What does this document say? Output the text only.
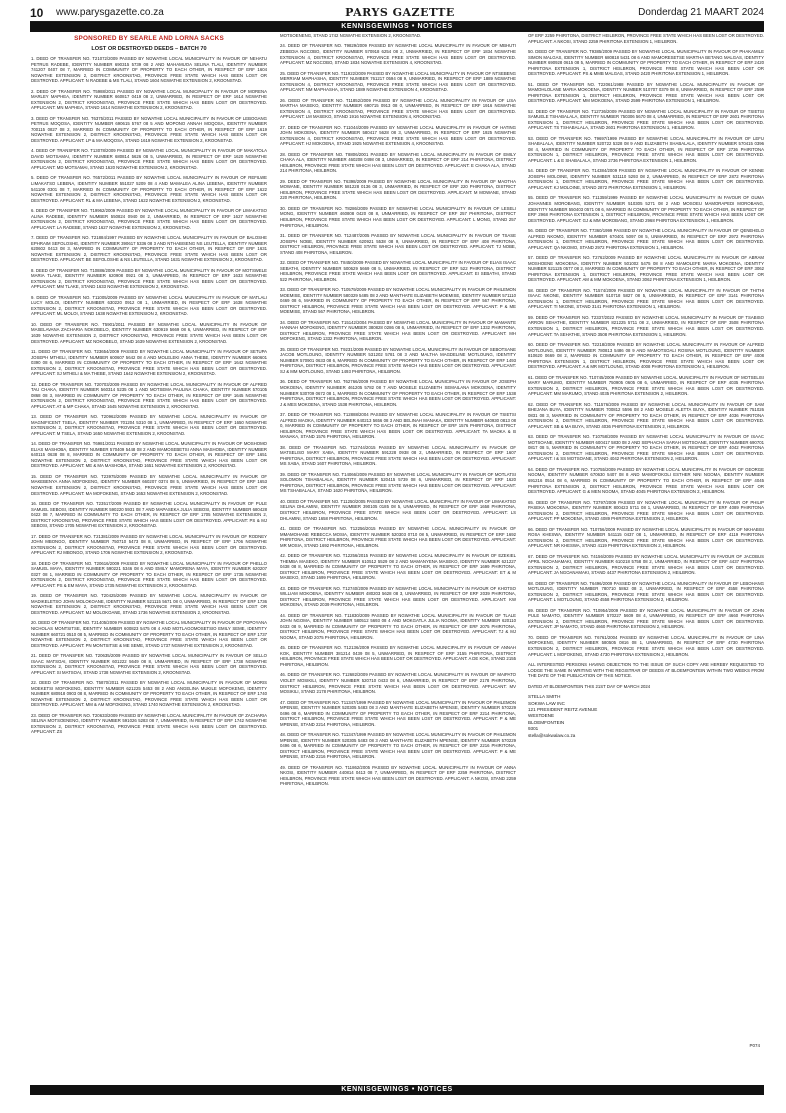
10 www.parysgazette.co.za	PARYS GAZETTE	Donderdag 21 MAART 2024
KENNISGEWINGS • NOTICES
SPONSORED BY SEARLE AND LORNA SACKS
LOST OR DESTROYED DEEDS – BATCH 70
1. DEED OF TRANSFER NO. T21072/2009 PASSED BY NGWATHE LOCAL MUNICIPALITY IN FAVOUR OF NEHATU PETRUS RADEBE, IDENTITY NUMBER 690315 5739 08 2 AND MAHAMUOA SELINA TLALI, IDENTITY NUMBER 741207 0407 08 7, MARRIED IN COMMUNITY OF PROPERTY TO EACH OTHER, IN RESPECT OF ERF 1604 NGWATHE EXTENSION 2, DISTRICT KROONSTAD, PROVINCE FREE STATE WHICH HAS BEEN LOST OR DESTROYED. APPLICANT: N RADEBE & MS TLALI, STAND 1604 NGWATHE EXTENSION 2, KROONSTAD.
2. DEED OF TRANSFER NO. T5988/2011 PASSED BY NGWATHE LOCAL MUNICIPALITY IN FAVOUR OF MORENA MARLEY MAPHEA, IDENTITY NUMBER 660817 0419 08 2, UNMARRIED, IN RESPECT OF ERF 1614 NGWATHE EXTENSION 2, DISTRICT KROONSTAD, PROVINCE FREE STATE WHICH HAS BEEN LOST OR DESTROYED. APPLICANT: MN MAPHEA, STAND 1614 NGWATHE EXTENSION 2, KROONSTAD.
3. DEED OF TRANSFER NO. T6375/2011 PASSED BY NGWATHE LOCAL MUNICIPALITY IN FAVOUR OF LEBOGANG PETRUS MOQOSA, IDENTITY NUMBER 690615 5767 08 5 AND MOPONO ANNAH MOQOSA, IDENTITY NUMBER 700115 0827 08 2, MARRIED IN COMMUNITY OF PROPERTY TO EACH OTHER, IN RESPECT OF ERF 1619 NGWATHE EXTENSION 2, DISTRICT KROONSTAD, PROVINCE FREE STATE WHICH HAS BEEN LOST OR DESTROYED. APPLICANT: LP & MA MOQOSA, STAND 1619 NGWATHE EXTENSION 2, KROONSTAD.
4. DEED OF TRANSFER NO. T13078/2009 PASSED BY NGWATHE LOCAL MUNICIPALITY IN FAVOUR OF MAKATOLA DAVID MOTSAMAI, IDENTITY NUMBER 680814 5626 08 5, UNMARRIED, IN RESPECT OF ERF 1620 NGWATHE EXTENSION 2, DISTRICT KROONSTAD, PROVINCE FREE STATE WHICH HAS BEEN LOST OR DESTROYED. APPLICANT: MD MOTSAMAI, STAND 1620 NGWATHE EXTENSION 2, KROONSTAD.
5. DEED OF TRANSFER NO. T6572/2011 PASSED BY NGWATHE LOCAL MUNICIPALITY IN FAVOUR OF REFILWE LIMAKATSO LEBENA, IDENTITY NUMBER 551027 5209 08 4 AND MAMALEA ALINA LEBENA, IDENTITY NUMBER 541109 0301 08 7, MARRIED IN COMMUNITY OF PROPERTY TO EACH OTHER, IN RESPECT OF ERF 1622 NGWATHE EXTENSION 2, DISTRICT KROONSTAD, PROVINCE FREE STATE WHICH HAS BEEN LOST OR DESTROYED. APPLICANT: RL & MA LEBENA, STAND 1622 NGWATHE EXTENSION 2, KROONSTAD.
6. DEED OF TRANSFER NO. T19962/2009 PASSED BY NGWATHE LOCAL MUNICIPALITY IN FAVOUR OF LIMAKATSO ALINA RADEBE, IDENTITY NUMBER 550824 0940 08 2, UNMARRIED, IN RESPECT OF ERF 1627 NGWATHE EXTENSION 2, DISTRICT KROONSTAD, PROVINCE FREE STATE WHICH HAS BEEN LOST OR DESTROYED. APPLICANT: LA RADEBE, STAND 1627 NGWATHE EXTENSION 2, KROONSTAD.
7. DEED OF TRANSFER NO. T21884/1997 PASSED BY NGWATHE LOCAL MUNICIPALITY IN FAVOUR OF BALOSHE EPHRAIM SEFOLOSHE, IDENTITY NUMBER 390617 5336 08 3 AND NTHABISENG NS LEUTELLA, IDENTITY NUMBER 620602 0413 08 3, MARRIED IN COMMUNITY OF PROPERTY TO EACH OTHER, IN RESPECT OF ERF 1631 NGWATHE EXTENSION 2, DISTRICT KROONSTAD, PROVINCE FREE STATE WHICH HAS BEEN LOST OR DESTROYED. APPLICANT: BE SEFOLOSHE & NS LEUTELLA, STAND 1631 NGWATHE EXTENSION 2, KROONSTAD.
8. DEED OF TRANSFER NO. T10886/2009 PASSED BY NGWATHE LOCAL MUNICIPALITY IN FAVOUR OF MOTSWELE MARIA TLAKE, IDENTITY NUMBER 620908 0921 08 3, UNMARRIED, IN RESPECT OF ERF 1633 NGWATHE EXTENSION 2, DISTRICT KROONSTAD, PROVINCE FREE STATE WHICH HAS BEEN LOST OR DESTROYED. APPLICANT: MM TLAKE, STAND 1633 NGWATHE EXTENSION 2, KROONSTAD.
9. DEED OF TRANSFER NO. T11005/2009 PASSED BY NGWATHE LOCAL MUNICIPALITY IN FAVOUR OF MATLALI LUCY MOLOI, IDENTITY NUMBER 630220 0912 08 1, UNMARRIED, IN RESPECT OF ERF 1638 NGWATHE EXTENSION 2, DISTRICT KROONSTAD, PROVINCE FREE STATE WHICH HAS BEEN LOST OR DESTROYED. APPLICANT: ML MOLOI, STAND 1638 NGWATHE EXTENSION 2, KROONSTAD.
10. DEED OF TRANSFER NO. T5901/2011 PASSED BY NGWATHE LOCAL MUNICIPALITY IN FAVOUR OF MASELAVANA ZACHARIA NOKOBELO, IDENTITY NUMBER 630919 5669 08 6, UNMARRIED, IN RESPECT OF ERF 1639 NGWATHE EXTENSION 2, DISTRICT KROONSTAD, PROVINCE FREE STATE WHICH HAS BEEN LOST OR DESTROYED. APPLICANT: MZ NOKOBELO, STAND 1639 NGWATHE EXTENSION 2, KROONSTAD.
11. DEED OF TRANSFER NO. T23654/2009 PASSED BY NGWATHE LOCAL MUNICIPALITY IN FAVOUR OF SETUPA JOSEPH MTHELI, IDENTITY NUMBER 600607 5642 08 4 AND MOLELEKI ANNA THEBE, IDENTITY NUMBER 660601 0390 08 6, MARRIED IN COMMUNITY OF PROPERTY TO EACH OTHER, IN RESPECT OF ERF 1642 NGWATHE EXTENSION 2, DISTRICT KROONSTAD, PROVINCE FREE STATE WHICH HAS BEEN LOST OR DESTROYED. APPLICANT: SJ MTHELI & MA THEBE, STAND 1642 NGWATHE EXTENSION 2, KROONSTAD.
12. DEED OF TRANSFER NO. T20703/2009 PASSED BY NGWATHE LOCAL MUNICIPALITY IN FAVOUR OF ALFRED TAU CHAKA, IDENTITY NUMBER 560314 5235 08 1 AND MOTSEMA PAULINA CHAKA, IDENTITY NUMBER 570105 0868 08 3, MARRIED IN COMMUNITY OF PROPERTY TO EACH OTHER, IN RESPECT OF ERF 1645 NGWATHE EXTENSION 2, DISTRICT KROONSTAD, PROVINCE FREE STATE WHICH HAS BEEN LOST OR DESTROYED. APPLICANT: AT & MP CHAKA, STAND 1645 NGWATHE EXTENSION 2, KROONSTAD.
13. DEED OF TRANSFER NO. T20962/2009 PASSED BY NGWATHE LOCAL MUNICIPALITY IN FAVOUR OF MAGNIFICENT TSELA, IDENTITY NUMBER 701204 5310 08 1, UNMARRIED, IN RESPECT OF ERF 1650 NGWATHE EXTENSION 2, DISTRICT KROONSTAD, PROVINCE FREE STATE WHICH HAS BEEN LOST OR DESTROYED. APPLICANT: M TSELA, STAND 1650 NGWATHE EXTENSION 2, KROONSTAD.
14. DEED OF TRANSFER NO. T6981/2011 PASSED BY NGWATHE LOCAL MUNICIPALITY IN FAVOUR OF MOSHOMO ELIAS MASHOBA, IDENTITY NUMBER 570409 5448 08 2 AND MAMOSEBETSI ANNA MASHOBA, IDENTITY NUMBER 640115 0638 08 8, MARRIED IN COMMUNITY OF PROPERTY TO EACH OTHER, IN RESPECT OF ERF 1651 NGWATHE EXTENSION 2, DISTRICT KROONSTAD, PROVINCE FREE STATE WHICH HAS BEEN LOST OR DESTROYED. APPLICANT: ME & MA MASHOBA, STAND 1651 NGWATHE EXTENSION 2, KROONSTAD.
15. DEED OF TRANSFER NO. T23975/2009 PASSED BY NGWATHE LOCAL MUNICIPALITY IN FAVOUR OF MAKEBENYA ANNA MOFOKENG, IDENTITY NUMBER 660207 0374 08 5, UNMARRIED, IN RESPECT OF ERF 1653 NGWATHE EXTENSION 2, DISTRICT KROONSTAD, PROVINCE FREE STATE WHICH HAS BEEN LOST OR DESTROYED. APPLICANT: MA MOFOKENG, STAND 1653 NGWATHE EXTENSION 2, KROONSTAD.
16. DEED OF TRANSFER NO. T23517/2009 PASSED BY NGWATHE LOCAL MUNICIPALITY IN FAVOUR OF PULE SAMUEL SEBOSI, IDENTITY NUMBER 590220 5931 08 7 AND MAPASEKA JULIA SEBOSI, IDENTITY NUMBER 680428 0422 08 7, MARRIED IN COMMUNITY TO EACH OTHER, IN RESPECT OF ERF 1705 NGWATHE EXTENSION 2, DISTRICT KROONSTAD, PROVINCE FREE STATE WHICH HAS BEEN LOST OR DESTROYED. APPLICANT: PS & MJ SEBOSI, STAND 1705 NGWATHE EXTENSION 2, KROONSTAD.
17. DEED OF TRANSFER NO. T21381/2009 PASSED BY NGWATHE LOCAL MUNICIPALITY IN FAVOUR OF RODNEY JOHN MBONGO, IDENTITY NUMBER 750710 5473 08 8, UNMARRIED, IN RESPECT OF ERF 1706 NGWATHE EXTENSION 2, DISTRICT KROONSTAD, PROVINCE FREE STATE WHICH HAS BEEN LOST OR DESTROYED. APPLICANT: RJ MBONGO, STAND 1706 NGWATHE EXTENSION 2, KROONSTAD.
18. DEED OF TRANSFER NO. T20616/2009 PASSED BY NGWATHE LOCAL MUNICIPALITY IN FAVOUR OF PHELLO SAMUEL MAYA, IDENTITY NUMBER 590221 5346 08 6 AND EMILY MAMORENA MAYA, IDENTITY NUMBER 620207 0327 08 1, MARRIED IN COMMUNITY OF PROPERTY TO EACH OTHER, IN RESPECT OF ERF 1735 NGWATHE EXTENSION 2, DISTRICT KROONSTAD, PROVINCE FREE STATE WHICH HAS BEEN LOST OR DESTROYED. APPLICANT: PS & EM MAYA, STAND 1735 NGWATHE EXTENSION 2, KROONSTAD.
19. DEED OF TRANSFER NO. T20425/2009 PASSED BY NGWATHE LOCAL MUNICIPALITY IN FAVOUR OF MADIKELETSO JOHN MOLOKOANE, IDENTITY NUMBER 521115 5671 08 0, UNMARRIED, IN RESPECT OF ERF 1736 NGWATHE EXTENSION 2, DISTRICT KROONSTAD, PROVINCE FREE STATE WHICH HAS BEEN LOST OR DESTROYED. APPLICANT: MJ MOLOKOANE, STAND 1736 NGWATHE EXTENSION 2, KROONSTAD.
20. DEED OF TRANSFER NO. T21405/2009 PASSED BY NGWATHE LOCAL MUNICIPALITY IN FAVOUR OF POPOYANA NICHOLAS MONTSITSE, IDENTITY NUMBER 600823 5475 08 4 AND MOTLAGOMOSETSIO EMILY SEME, IDENTITY NUMBER 660721 0510 08 5, MARRIED IN COMMUNITY OF PROPERTY TO EACH OTHER, IN RESPECT OF ERF 1737 NGWATHE EXTENSION 2, DISTRICT KROONSTAD, PROVINCE FREE STATE WHICH HAS BEEN LOST OR DESTROYED. APPLICANT: PN MONTSITSE & ME SEME, STAND 1737 NGWATHE EXTENSION 2, KROONSTAD.
21. DEED OF TRANSFER NO. T20635/2009 PASSED BY NGWATHE LOCAL MUNICIPALITY IN FAVOUR OF SELLO ISAAC MATSOAI, IDENTITY NUMBER 601222 5649 08 8, UNMARRIED, IN RESPECT OF ERF 1738 NGWATHE EXTENSION 2, DISTRICT KROONSTAD, PROVINCE FREE STATE WHICH HAS BEEN LOST OR DESTROYED. APPLICANT: SI MATSOAI, STAND 1738 NGWATHE EXTENSION 2, KROONSTAD.
22. DEED OF TRANSFER NO. T5870/2011 PASSED BY NGWATHE LOCAL MUNICIPALITY IN FAVOUR OF MORIS MOEKETSI MOFOKENG, IDENTITY NUMBER 621225 5453 08 2 AND ANGELINA MUKILE MOFOKENG, IDENTITY NUMBER 680918 0903 08 8, MARRIED IN COMMUNITY OF PROPERTY TO EACH OTHER, IN RESPECT OF ERF 1740 NGWATHE EXTENSION 2, DISTRICT KROONSTAD, PROVINCE FREE STATE WHICH HAS BEEN LOST OR DESTROYED. APPLICANT: MM & AM MOFOKENG, STAND 1740 NGWATHE EXTENSION 2, KROONSTAD.
23. DEED OF TRANSFER NO. T20633/2009 PASSED BY NGWATHE LOCAL MUNICIPALITY IN FAVOUR OF ZACHARIA SELINA MOTSOENENG, IDENTITY NUMBER 591026 5283 08 7, UNMARRIED, IN RESPECT OF ERF 1742 NGWATHE EXTENSION 2, DISTRICT KROONSTAD, PROVINCE FREE STATE WHICH HAS BEEN LOST OR DESTROYED. APPLICANT: ZS
MOTSOENENG, STAND 1742 NGWATHE EXTENSION 2, KROONSTAD.
24. DEED OF TRANSFER NO. T9829/2009 PASSED BY NGWATHE LOCAL MUNICIPALITY IN FAVOUR OF MBHUTI ZEBEDIA NGCOBO, IDENTITY NUMBER 570918 6254 08 2, UNMARRIED, IN RESPECT OF ERF 1834 NGWATHE EXTENSION 4, DISTRICT KROONSTAD, PROVINCE FREE STATE WHICH HAS BEEN LOST OR DESTROYED. APPLICANT: MZ NGCOBO, STAND 1834 NGWATHE EXTENSION 4, KROONSTAD.
25. DEED OF TRANSFER NO. T11922/2009 PASSED BY NGWATHE LOCAL MUNICIPALITY IN FAVOUR OF NTSEBENG MERRIAM MAPHASHA, IDENTITY NUMBER 761217 0594 08 9, UNMARRIED, IN RESPECT OF ERF 1889 NGWATHE EXTENSION 4, DISTRICT KROONSTAD, PROVINCE FREE STATE WHICH HAS BEEN LOST OR DESTROYED. APPLICANT: NM MAPHASHA, STAND 1889 NGWATHE EXTENSION 4, KROONSTAD.
26. DEED OF TRANSFER NO. T11852/2009 PASSED BY NGWATHE LOCAL MUNICIPALITY IN FAVOUR OF LISA MARTHA MASEKO, IDENTITY NUMBER 690715 0913 08 0, UNMARRIED, IN RESPECT OF ERF 1916 NGWATHE EXTENSION 4, DISTRICT KROONSTAD, PROVINCE FREE STATE WHICH HAS BEEN LOST OR DESTROYED. APPLICANT: LM MASEKO, STAND 1916 NGWATHE EXTENSION 4, KROONSTAD.
27. DEED OF TRANSFER NO. T11044/2009 PASSED BY NGWATHE LOCAL MUNICIPALITY IN FAVOUR OF HATING JOHN MOKOENA, IDENTITY NUMBER 580417 5628 08 3, UNMARRIED, IN RESPECT OF ERF 1925 NGWATHE EXTENSION 4, DISTRICT KROONSTAD, PROVINCE FREE STATE WHICH HAS BEEN LOST OR DESTROYED. APPLICANT: HJ MOKOENA, STAND 1925 NGWATHE EXTENSION 4, KROONSTAD.
28. DEED OF TRANSFER NO. T8806/2001 PASSED BY NGWATHE LOCAL MUNICIPALITY IN FAVOUR OF EMILY CHAKA ALA, IDENTITY NUMBER 460208 0498 08 3, UNMARRIED, IN RESPECT OF ERF 214 PHIRITONA, DISTRICT HEILBRON, PROVINCE FREE STATE WHICH HAS BEEN LOST OR DESTROYED. APPLICANT: E CHAKA ALA, STAND 214 PHIRITONA, HEILBRON.
29. DEED OF TRANSFER NO. T6398/2009 PASSED BY NGWATHE LOCAL MUNICIPALITY IN FAVOUR OF MAOTHA MOWANE, IDENTITY NUMBER 581228 0136 08 3, UNMARRIED, IN RESPECT OF ERF 220 PHIRITONA, DISTRICT HEILBRON, PROVINCE FREE STATE WHICH HAS BEEN LOST OR DESTROYED. APPLICANT: M MOWANE, STAND 220 PHIRITONA, HEILBRON.
30. DEED OF TRANSFER NO. T8286/2009 PASSED BY NGWATHE LOCAL MUNICIPALITY IN FAVOUR OF LESELI MONG, IDENTITY NUMBER 460808 0420 08 8, UNMARRIED, IN RESPECT OF ERF 257 PHIRITONA, DISTRICT HEILBRON, PROVINCE FREE STATE WHICH HAS BEEN LOST OR DESTROYED. APPLICANT: L MONG, STAND 257 PHIRITONA, HEILBRON.
31. DEED OF TRANSFER NO. T12487/2005 PASSED BY NGWATHE LOCAL MUNICIPALITY IN FAVOUR OF TSASE JOSEPH NOBE, IDENTITY NUMBER 620921 5538 08 9, UNMARRIED, IN RESPECT OF ERF 408 PHIRITONA, DISTRICT HEILBRON, PROVINCE FREE STATE WHICH HAS BEEN LOST OR DESTROYED. APPLICANT: TJ NOBE, STAND 408 PHIRITONA, HEILBRON.
32. DEED OF TRANSFER NO. T8450/2009 PASSED BY NGWATHE LOCAL MUNICIPALITY IN FAVOUR OF ELIAS ISAAC SEBATHI, IDENTITY NUMBER 500629 5669 08 5, UNMARRIED, IN RESPECT OF ERF 522 PHIRITONA, DISTRICT HEILBRON, PROVINCE FREE STATE WHICH HAS BEEN LOST OR DESTROYED. APPLICANT: EI SEBATHI, STAND 522 PHIRITONA, HEILBRON.
33. DEED OF TRANSFER NO. T10579/2009 PASSED BY NGWATHE LOCAL MUNICIPALITY IN FAVOUR OF PHILEMON MOEMISE, IDENTITY NUMBER 580329 5485 08 2 AND MANTHATE ELIZABETH MOEMISE, IDENTITY NUMBER 571110 0469 08 6, MARRIED IN COMMUNITY OF PROPERTY TO EACH OTHER, IN RESPECT OF ERF 567 PHIRITONA, DISTRICT HEILBRON, PROVINCE FREE STATE WHICH HAS BEEN LOST OR DESTROYED. APPLICANT: P & ME MOEMISE, STAND 567 PHIRITONA, HEILBRON.
34. DEED OF TRANSFER NO. T15142/2004 PASSED BY NGWATHE LOCAL MUNICIPALITY IN FAVOUR OF MAMANTE HANNAH MOFOKENG, IDENTITY NUMBER 380828 0286 08 6, UNMARRIED, IN RESPECT OF ERF 1332 PHIRITONA, DISTRICT HEILBRON, PROVINCE FREE STATE WHICH HAS BEEN LOST OR DESTROYED. APPLICANT: MH MOFOKENG, STAND 1332 PHIRITONA, HEILBRON.
35. DEED OF TRANSFER NO. T9231/2009 PASSED BY NGWATHE LOCAL MUNICIPALITY IN FAVOUR OF SEBOTSANE JACOB MOTLOUNG, IDENTITY NUMBER 531202 5781 08 3 AND MALTHA MAGDELINE MOTLOUNG, IDENTITY NUMBER 570901 0633 08 6, MARRIED IN COMMUNITY OF PROPERTY TO EACH OTHER, IN RESPECT OF ERF 1493 PHIRITONA, DISTRICT HEILBRON, PROVINCE FREE STATE WHICH HAS BEEN LOST OR DESTROYED. APPLICANT: SJ & MM MOTLOUNG, STAND 1493 PHIRITONA, HEILBRON.
36. DEED OF TRANSFER NO. T62766/2009 PASSED BY NGWATHE LOCAL MUNICIPALITY IN FAVOUR OF JOSEPH MOKOENA, IDENTITY NUMBER 461205 5782 08 7 AND MOSELE ELIZABETH SEMAILANA MOKOENA, IDENTITY NUMBER 530709 0672 08 1, MARRIED IN COMMUNITY OF PROPERTY TO EACH OTHER, IN RESPECT OF ERF 1538 PHIRITONA, DISTRICT HEILBRON, PROVINCE FREE STATE WHICH HAS BEEN LOST OR DESTROYED. APPLICANT: J & MES MOKOENA, STAND 1538 PHIRITONA, HEILBRON.
37. DEED OF TRANSFER NO. T12888/2004 PASSED BY NGWATHE LOCAL MUNICIPALITY IN FAVOUR OF TSIETSI ALFRED MAOKA, IDENTITY NUMBER 640213 5656 08 3 AND BELINAH MANAKA, IDENTITY NUMBER 640930 0813 08 0, MARRIED IN COMMUNITY OF PROPERTY TO EACH OTHER, IN RESPECT OF ERF 1576 PHIRITONA, DISTRICT HEILBRON, PROVINCE FREE STATE WHICH HAS BEEN LOST OR DESTROYED. APPLICANT: TA MAOKA & B MANAKA, STAND 1576 PHIRITONA, HEILBRON.
38. DEED OF TRANSFER NO. T12744/2015 PASSED BY NGWATHE LOCAL MUNICIPALITY IN FAVOUR OF MATSELISO MARY XABA, IDENTITY NUMBER 591228 0938 08 2, UNMARRIED, IN RESPECT OF ERF 1607 PHIRITONA, DISTRICT HEILBRON, PROVINCE FREE STATE WHICH HAS BEEN LOST OR DESTROYED. APPLICANT: MS XABA, STAND 1607 PHIRITONA, HEILBRON.
39. DEED OF TRANSFER NO. T14066/2009 PASSED BY NGWATHE LOCAL MUNICIPALITY IN FAVOUR OF MOTLATSI SOLOMON TSHABALALA, IDENTITY NUMBER 520415 5739 08 6, UNMARRIED, IN RESPECT OF ERF 1620 PHIRITONA, DISTRICT HEILBRON, PROVINCE FREE STATE WHICH HAS BEEN LOST OR DESTROYED. APPLICANT: MS TSHABALALA, STAND 1620 PHIRITONA, HEILBRON.
40. DEED OF TRANSFER NO. T11250/2005 PASSED BY NGWATHE LOCAL MUNICIPALITY IN FAVOUR OF LIMAKATSO SELINA DHLAMINI, IDENTITY NUMBER 390105 0185 08 5, UNMARRIED, IN RESPECT OF ERF 1658 PHIRITONA, DISTRICT HEILBRON, PROVINCE FREE STATE WHICH HAS BEEN LOST OR DESTROYED. APPLICANT: LS DHLAMINI, STAND 1658 PHIRITONA, HEILBRON.
41. DEED OF TRANSFER NO. T12256/2015 PASSED BY NGWATHE LOCAL MUNICIPALITY IN FAVOUR OF MMAMOHANE REBECCA MOSIA, IDENTITY NUMBER 520303 0710 08 5, UNMARRIED, IN RESPECT OF ERF 1692 PHIRITONA, DISTRICT HEILBRON, PROVINCE FREE STATE WHICH HAS BEEN LOST OR DESTROYED. APPLICANT: MR MOSIA, STAND 1692 PHIRITONA, HEILBRON.
42. DEED OF TRANSFER NO. T12256/2015 PASSED BY NGWATHE LOCAL MUNICIPALITY IN FAVOUR OF EZEKIEL THEMBA MASEKO, IDENTITY NUMBER 610512 5529 08 2 AND MAMANYENA MASEKO, IDENTITY NUMBER 621227 0438 08 8, MARRIED IN COMMUNITY OF PROPERTY TO EACH OTHER, IN RESPECT OF ERF 1699 PHIRITONA, DISTRICT HEILBRON, PROVINCE FREE STATE WHICH HAS BEEN LOST OR DESTROYED. APPLICANT: ET & M MASEKO, STAND 1699 PHIRITONA, HEILBRON.
43. DEED OF TRANSFER NO. T12740/2009 PASSED BY NGWATHE LOCAL MUNICIPALITY IN FAVOUR OF KHOTSO WILLIAM MOKOENA, IDENTITY NUMBER 480203 5628 08 3, UNMARRIED, IN RESPECT OF ERF 2039 PHIRITONA, DISTRICT HEILBRON, PROVINCE FREE STATE WHICH HAS BEEN LOST OR DESTROYED. APPLICANT: KW MOKOENA, STAND 2039 PHIRITONA, HEILBRON.
44. DEED OF TRANSFER NO. T11830/2009 PASSED BY NGWATHE LOCAL MUNICIPALITY IN FAVOUR OF TLALE JOHN NGOMA, IDENTITY NUMBER 580512 5693 08 4 AND MOKGATLA JULIA NGOMA, IDENTITY NUMBER 620110 0433 08 9, MARRIED IN COMMUNITY OF PROPERTY TO EACH OTHER, IN RESPECT OF ERF 2075 PHIRITONA, DISTRICT HEILBRON, PROVINCE FREE STATE WHICH HAS BEEN LOST OR DESTROYED. APPLICANT: TJ & MJ NGOMA, STAND 2075 PHIRITONA, HEILBRON.
45. DEED OF TRANSFER NO. T12136/2009 PASSED BY NGWATHE LOCAL MUNICIPALITY IN FAVOUR OF ANNAH KOK, IDENTITY NUMBER 381214 0439 08 5, UNMARRIED, IN RESPECT OF ERF 2155 PHIRITONA, DISTRICT HEILBRON, PROVINCE FREE STATE WHICH HAS BEEN LOST OR DESTROYED. APPLICANT: A DE KOK, STAND 2155 PHIRITONA, HEILBRON.
46. DEED OF TRANSFER NO. T12682/2009 PASSED BY NGWATHE LOCAL MUNICIPALITY IN FAVOUR OF MAIPATO VIOLET MOSIKILI, IDENTITY NUMBER 520710 0433 08 6, UNMARRIED, IN RESPECT OF ERF 2178 PHIRITONA, DISTRICT HEILBRON, PROVINCE FREE STATE WHICH HAS BEEN LOST OR DESTROYED. APPLICANT: MV MOSIKILI, STAND 2178 PHIRITONA, HEILBRON.
47. DEED OF TRANSFER NO. T11347/1999 PASSED BY NGWATHE LOCAL MUNICIPALITY IN FAVOUR OF PHILEMON MPENSE, IDENTITY NUMBER 520305 5483 08 3 AND MANTHATE ELIZABETH MPENSE, IDENTITY NUMBER 570229 0496 08 6, MARRIED IN COMMUNITY OF PROPERTY TO EACH OTHER, IN RESPECT OF ERF 2214 PHIRITONA, DISTRICT HEILBRON, PROVINCE FREE STATE WHICH HAS BEEN LOST OR DESTROYED. APPLICANT: P & ME MPENSE, STAND 2214 PHIRITONA, HEILBRON.
48. DEED OF TRANSFER NO. T11347/1999 PASSED BY NGWATHE LOCAL MUNICIPALITY IN FAVOUR OF PHILEMON MPENSE, IDENTITY NUMBER 520305 5483 08 3 AND MANTHATE ELIZABETH MPENSE, IDENTITY NUMBER 570229 0496 08 6, MARRIED IN COMMUNITY OF PROPERTY TO EACH OTHER, IN RESPECT OF ERF 2216 PHIRITONA, DISTRICT HEILBRON, PROVINCE FREE STATE WHICH HAS BEEN LOST OR DESTROYED. APPLICANT: P & ME MPENSE, STAND 2216 PHIRITONA, HEILBRON.
49. DEED OF TRANSFER NO. T11862/2005 PASSED BY NGWATHE LOCAL MUNICIPALITY IN FAVOUR OF ANNA NKOSI, IDENTITY NUMBER 440814 0413 08 7, UNMARRIED, IN RESPECT OF ERF 2259 PHIRITONA, DISTRICT HEILBRON, PROVINCE FREE STATE WHICH HAS BEEN LOST OR DESTROYED. APPLICANT: A NKOSI, STAND 2259 PHIRITONA, HEILBRON.
OF ERF 2259 PHIRITONA, DISTRICT HEILBRON, PROVINCE FREE STATE WHICH HAS BEEN LOST OR DESTROYED. APPLICANT: A NKOSI, STAND 2259 PHIRITONA EXTENSION 1, HEILBRON.
50. DEED OF TRANSFER NO. T9385/2009 PASSED BY NGWATHE LOCAL MUNICIPALITY IN FAVOUR OF PHAKAMILE SIMON MALGAS, IDENTITY NUMBER 680818 5431 08 6 AND MAMORESETSE MARTHA BETANG MALGAS, IDENTITY NUMBER 690928 0615 08 5, MARRIED IN COMMUNITY OF PROPERTY TO EACH OTHER, IN RESPECT OF ERF 2420 PHIRITONA EXTENSION 1, DISTRICT HEILBRON, PROVINCE FREE STATE WHICH HAS BEEN LOST OR DESTROYED. APPLICANT: PS & MMB MALGAS, STAND 2420 PHIRITONA EXTENSION 1, HEILBRON.
51. DEED OF TRANSFER NO. T22061/1988 PASSED BY NGWATHE LOCAL MUNICIPALITY IN FAVOUR OF MAMOHLOLANE MARIA MOKOENA, IDENTITY NUMBER 510707 0379 08 8, UNMARRIED, IN RESPECT OF ERF 2599 PHIRITONA EXTENSION 1, DISTRICT HEILBRON, PROVINCE FREE STATE WHICH HAS BEEN LOST OR DESTROYED. APPLICANT: MM MOKOENA, STAND 2599 PHIRITONA EXTENSION 1, HEILBRON.
52. DEED OF TRANSFER NO. T12736/2009 PASSED BY NGWATHE LOCAL MUNICIPALITY IN FAVOUR OF TSIETSI SAMUELE TSHABALALA, IDENTITY NUMBER 750306 5670 08 4, UNMARRIED, IN RESPECT OF ERF 2601 PHIRITONA EXTENSION 1, DISTRICT HEILBRON, PROVINCE FREE STATE WHICH HAS BEEN LOST OR DESTROYED. APPLICANT: TS TSHABALALA, STAND 2601 PHIRITONA EXTENSION 1, HEILBRON.
53. DEED OF TRANSFER NO. T9697/1999 PASSED BY NGWATHE LOCAL MUNICIPALITY IN FAVOUR OF LEFU SHABALALA, IDENTITY NUMBER 520722 5328 08 9 AND ELIZABETH SHABALALA, IDENTITY NUMBER 570415 0396 08 4, MARRIED IN COMMUNITY OF PROPERTY TO EACH OTHER, IN RESPECT OF ERF 2736 PHIRITONA EXTENSION 1, DISTRICT HEILBRON, PROVINCE FREE STATE WHICH HAS BEEN LOST OR DESTROYED. APPLICANT: L & E SHABALALA, STAND 2736 PHIRITONA EXTENSION 1, HEILBRON.
54. DEED OF TRANSFER NO. T14384/2009 PASSED BY NGWATHE LOCAL MUNICIPALITY IN FAVOUR OF KENNE JOSEPH MOLOINE, IDENTITY NUMBER 531110 5293 08 2, UNMARRIED, IN RESPECT OF ERF 2872 PHIRITONA EXTENSION 1, DISTRICT HEILBRON, PROVINCE FREE STATE WHICH HAS BEEN LOST OR DESTROYED. APPLICANT: KJ MOLOINE, STAND 2872 PHIRITONA EXTENSION 1, HEILBRON.
55. DEED OF TRANSFER NO. T11359/1999 PASSED BY NGWATHE LOCAL MUNICIPALITY IN FAVOUR OF GUMA JOHANNES MOROBANG, IDENTITY NUMBER 510305 5271 08 2 AND MOSOEU MAMORAPEDI MOROBANG, IDENTITY NUMBER 550403 0571 08 6, MARRIED IN COMMUNITY OF PROPERTY TO EACH OTHER, IN RESPECT OF ERF 2968 PHIRITONA EXTENSION 1, DISTRICT HEILBRON, PROVINCE FREE STATE WHICH HAS BEEN LOST OR DESTROYED. APPLICANT: GJ & MM MOROBANG, STAND 2968 PHIRITONA EXTENSION 1, HEILBRON.
56. DEED OF TRANSFER NO. T7360/1999 PASSED BY NGWATHE LOCAL MUNICIPALITY IN FAVOUR OF QENEHELO ALFRED NKOMO, IDENTITY NUMBER 670401 5097 08 5, UNMARRIED, IN RESPECT OF ERF 2972 PHIRITONA EXTENSION 1, DISTRICT HEILBRON, PROVINCE FREE STATE WHICH HAS BEEN LOST OR DESTROYED. APPLICANT: QA NKOMO, STAND 2972 PHIRITONA EXTENSION 1, HEILBRON.
57. DEED OF TRANSFER NO. T2762/2009 PASSED BY NGWATHE LOCAL MUNICIPALITY IN FAVOUR OF ABRAM MOSHOENE MOKOENA, IDENTITY NUMBER 501002 5475 08 8 AND MAMOLEFE MARIA MOKOENA, IDENTITY NUMBER 521125 0577 08 2, MARRIED IN COMMUNITY OF PROPERTY TO EACH OTHER, IN RESPECT OF ERF 3062 PHIRITONA EXTENSION 1, DISTRICT HEILBRON, PROVINCE FREE STATE WHICH HAS BEEN LOST OR DESTROYED. APPLICANT: AM & MM MOKOENA, STAND 3062 PHIRITONA EXTENSION 1, HEILBRON.
58. DEED OF TRANSFER NO. T1574/2009 PASSED BY NGWATHE LOCAL MUNICIPALITY IN FAVOUR OF THITHI ISAAC NKONE, IDENTITY NUMBER 510718 5827 08 5, UNMARRIED, IN RESPECT OF ERF 3141 PHIRITONA EXTENSION 1, DISTRICT HEILBRON, PROVINCE FREE STATE WHICH HAS BEEN LOST OR DESTROYED. APPLICANT: TI NKONE, STAND 3141 PHIRITONA EXTENSION 1, HEILBRON.
59. DEED OF TRANSFER NO. T2337/2022 PASSED BY NGWATHE LOCAL MUNICIPALITY IN FAVOUR OF TSABISO ARRON SEHATHE, IDENTITY NUMBER 821225 5711 08 2, UNMARRIED, IN RESPECT OF ERF 3508 PHIRITONA EXTENSION 1, DISTRICT HEILBRON, PROVINCE FREE STATE WHICH HAS BEEN LOST OR DESTROYED. APPLICANT: TA SEHATHE, STAND 3508 PHIRITONA EXTENSION 1, HEILBRON.
60. DEED OF TRANSFER NO. T2218/2009 PASSED BY NGWATHE LOCAL MUNICIPALITY IN FAVOUR OF ALFRED MOTLOUNG, IDENTITY NUMBER 780813 5486 08 9 AND MAMOTSOALI ROSINA MOTLOUNG, IDENTITY NUMBER 810620 0669 08 2, MARRIED IN COMMUNITY OF PROPERTY TO EACH OTHER, IN RESPECT OF ERF 4008 PHIRITONA EXTENSION 1, DISTRICT HEILBRON, PROVINCE FREE STATE WHICH HAS BEEN LOST OR DESTROYED. APPLICANT: A & MR MOTLOUNG, STAND 4008 PHIRITONA EXTENSION 1, HEILBRON.
61. DEED OF TRANSFER NO. T10745/2009 PASSED BY NGWATHE LOCAL MUNICIPALITY IN FAVOUR OF MOTSELISI MARY MARUMO, IDENTITY NUMBER 750905 0605 08 6, UNMARRIED, IN RESPECT OF ERF 4035 PHIRITONA EXTENSION 2, DISTRICT HEILBRON, PROVINCE FREE STATE WHICH HAS BEEN LOST OR DESTROYED. APPLICANT: MM MARUMO, STAND 4035 PHIRITONA EXTENSION 2, HEILBRON.
62. DEED OF TRANSFER NO. T11576/2009 PASSED BY NGWATHE LOCAL MUNICIPALITY IN FAVOUR OF SAM BHEJANA BUYA, IDENTITY NUMBER 700812 5596 08 2 AND MOSELE ALETTA BUYA, IDENTITY NUMBER 751026 0831 08 3, MARRIED IN COMMUNITY OF PROPERTY TO EACH OTHER, IN RESPECT OF ERF 4036 PHIRITONA EXTENSION 2, DISTRICT HEILBRON, PROVINCE FREE STATE WHICH HAS BEEN LOST OR DESTROYED. APPLICANT: SB & MA BUYA, STAND 4036 PHIRITONA EXTENSION 2, HEILBRON.
63. DEED OF TRANSFER NO. T10758/2009 PASSED BY NGWATHE LOCAL MUNICIPALITY IN FAVOUR OF ISAAC MOTSOANE, IDENTITY NUMBER 600417 5830 08 2 AND SEPHACHA SARAH MOTSOANE, IDENTITY NUMBER 690701 0817 08 5, MARRIED IN COMMUNITY OF PROPERTY TO EACH OTHER, IN RESPECT OF ERF 4042 PHIRITONA EXTENSION 2, DISTRICT HEILBRON, PROVINCE FREE STATE WHICH HAS BEEN LOST OR DESTROYED. APPLICANT: I & SS MOTSOANE, STAND 4042 PHIRITONA EXTENSION 2, HEILBRON.
64. DEED OF TRANSFER NO. T10755/2009 PASSED BY NGWATHE LOCAL MUNICIPALITY IN FAVOUR OF GEORGE NGOMA, IDENTITY NUMBER 670630 5407 08 8 AND MAMOFOKOLI ESTHER NINI NGOMA, IDENTITY NUMBER 691216 0514 08 6, MARRIED IN COMMUNITY OF PROPERTY TO EACH OTHER, IN RESPECT OF ERF 4045 PHIRITONA EXTENSION 2, DISTRICT HEILBRON, PROVINCE FREE STATE WHICH HAS BEEN LOST OR DESTROYED. APPLICANT: G & MEN NGOMA, STAND 4045 PHIRITONA EXTENSION 2, HEILBRON.
65. DEED OF TRANSFER NO. T3797/2009 PASSED BY NGWATHE LOCAL MUNICIPALITY IN FAVOUR OF PHILIP PASEKA MOKOENA, IDENTITY NUMBER 800423 5711 08 1, UNMARRIED, IN RESPECT OF ERF 4089 PHIRITONA EXTENSION 2, DISTRICT HEILBRON, PROVINCE FREE STATE WHICH HAS BEEN LOST OR DESTROYED. APPLICANT: PP MOKOENA, STAND 4089 PHIRITONA EXTENSION 2, HEILBRON.
66. DEED OF TRANSFER NO. T10756/2009 PASSED BY NGWATHE LOCAL MUNICIPALITY IN FAVOUR OF NKHABISI ROSA KHESWA, IDENTITY NUMBER 541115 0437 08 1, UNMARRIED, IN RESPECT OF ERF 4119 PHIRITONA EXTENSION 2, DISTRICT HEILBRON, PROVINCE FREE STATE WHICH HAS BEEN LOST OR DESTROYED. APPLICANT: NR KHESWA, STAND 4119 PHIRITONA EXTENSION 2, HEILBRON.
67. DEED OF TRANSFER NO. T4156/2009 PASSED BY NGWATHE LOCAL MUNICIPALITY IN FAVOUR OF JACOBUS APRIL NGOANAMAKI, IDENTITY NUMBER 610218 5758 08 2, UNMARRIED, IN RESPECT OF ERF 4437 PHIRITONA EXTENSION 2, DISTRICT HEILBRON, PROVINCE FREE STATE WHICH HAS BEEN LOST OR DESTROYED. APPLICANT: JA NGOANAMAKI, STAND 4437 PHIRITONA EXTENSION 2, HEILBRON.
68. DEED OF TRANSFER NO. T6496/2009 PASSED BY NGWATHE LOCAL MUNICIPALITY IN FAVOUR OF LEBOHANG MOTLOUNG, IDENTITY NUMBER 780710 5862 08 2, UNMARRIED, IN RESPECT OF ERF 4558 PHIRITONA EXTENSION 2, DISTRICT HEILBRON, PROVINCE FREE STATE WHICH HAS BEEN LOST OR DESTROYED. APPLICANT: L MOTLOUNG, STAND 4558 PHIRITONA EXTENSION 2, HEILBRON.
69. DEED OF TRANSFER NO. T10954/2009 PASSED BY NGWATHE LOCAL MUNICIPALITY IN FAVOUR OF JOHN PULE NAMATO, IDENTITY NUMBER 570227 5609 08 4, UNMARRIED, IN RESPECT OF ERF 4660 PHIRITONA EXTENSION 2, DISTRICT HEILBRON, PROVINCE FREE STATE WHICH HAS BEEN LOST OR DESTROYED. APPLICANT: JP NAMATO, STAND 4660 PHIRITONA EXTENSION 2, HEILBRON.
70. DEED OF TRANSFER NO. T6761/2004 PASSED BY NGWATHE LOCAL MUNICIPALITY IN FAVOUR OF LINA MOFOKENG, IDENTITY NUMBER 580505 0816 08 1, UNMARRIED, IN RESPECT OF ERF 4730 PHIRITONA EXTENSION 2, DISTRICT HEILBRON, PROVINCE FREE STATE WHICH HAS BEEN LOST OR DESTROYED. APPLICANT: L MOFOKENG, STAND 4730 PHIRITONA EXTENSION 2, HEILBRON.
ALL INTERESTED PERSONS HAVING OBJECTION TO THE ISSUE OF SUCH COPY ARE HEREBY REQUESTED TO LODGE THE SAME IN WRITING WITH THE REGISTRAR OF DEEDS AT BLOEMFONTEIN WITHIN TWO WEEKS FROM THE DATE OF THE PUBLICATION OF THIS NOTICE.
DATED AT BLOEMFONTEIN THIS 21ST DAY OF MARCH 2024
STELLA SMITH
SOKWA LAW INC
121 PRESIDENT REITZ AVENUE
WESTDENE
BLOEMFONTEIN
9301
stella@sokwalaw.co.za
P074
KENNISGEWINGS • NOTICES
